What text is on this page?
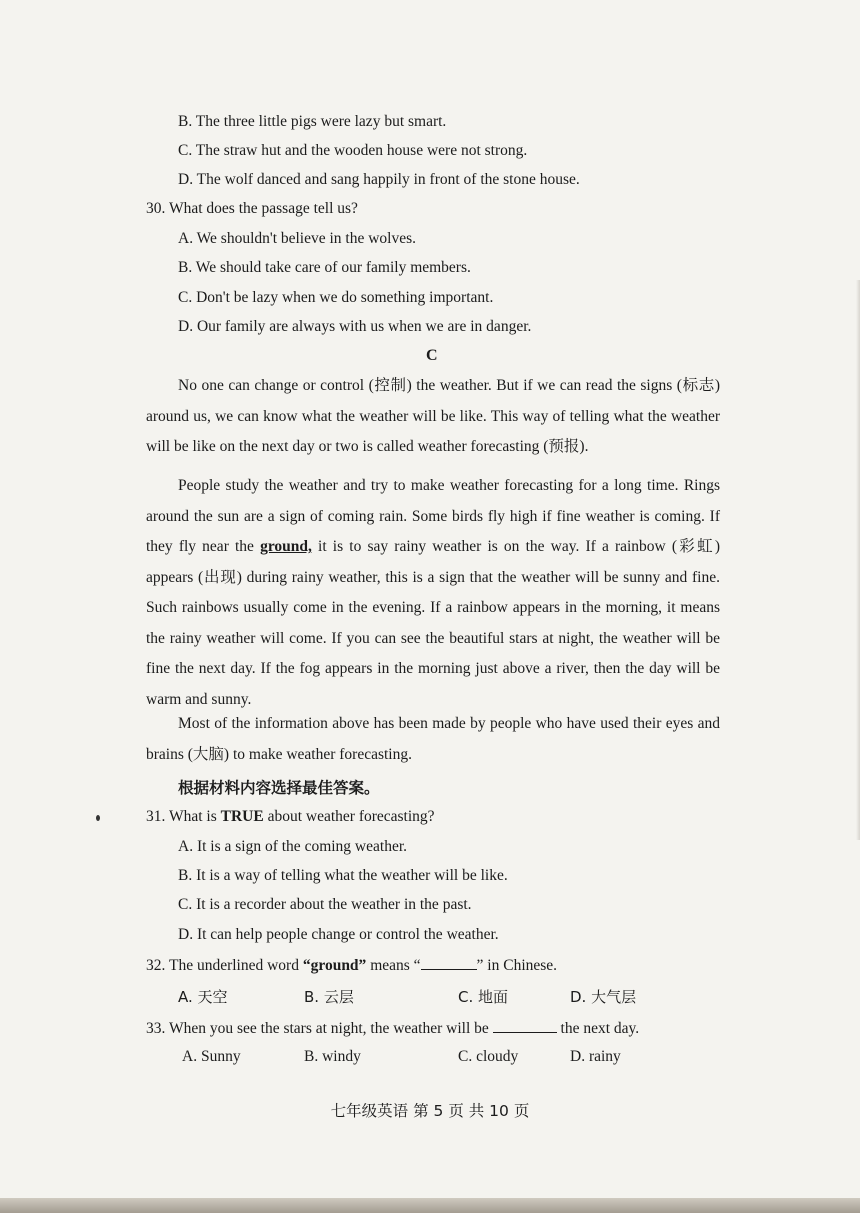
B. The three little pigs were lazy but smart.
C. The straw hut and the wooden house were not strong.
D. The wolf danced and sang happily in front of the stone house.
30. What does the passage tell us?
A. We shouldn't believe in the wolves.
B. We should take care of our family members.
C. Don't be lazy when we do something important.
D. Our family are always with us when we are in danger.
C
No one can change or control (控制) the weather. But if we can read the signs (标志) around us, we can know what the weather will be like. This way of telling what the weather will be like on the next day or two is called weather forecasting (预报).
People study the weather and try to make weather forecasting for a long time. Rings around the sun are a sign of coming rain. Some birds fly high if fine weather is coming. If they fly near the ground, it is to say rainy weather is on the way. If a rainbow (彩虹) appears (出现) during rainy weather, this is a sign that the weather will be sunny and fine. Such rainbows usually come in the evening. If a rainbow appears in the morning, it means the rainy weather will come. If you can see the beautiful stars at night, the weather will be fine the next day. If the fog appears in the morning just above a river, then the day will be warm and sunny.
Most of the information above has been made by people who have used their eyes and brains (大脑) to make weather forecasting.
根据材料内容选择最佳答案。
31. What is TRUE about weather forecasting?
A. It is a sign of the coming weather.
B. It is a way of telling what the weather will be like.
C. It is a recorder about the weather in the past.
D. It can help people change or control the weather.
32. The underlined word “ground” means “	” in Chinese.
A. 天空	B. 云层	C. 地面	D. 大气层
33. When you see the stars at night, the weather will be	the next day.
A. Sunny	B. windy	C. cloudy	D. rainy
七年级英语 第 5 页 共 10 页
